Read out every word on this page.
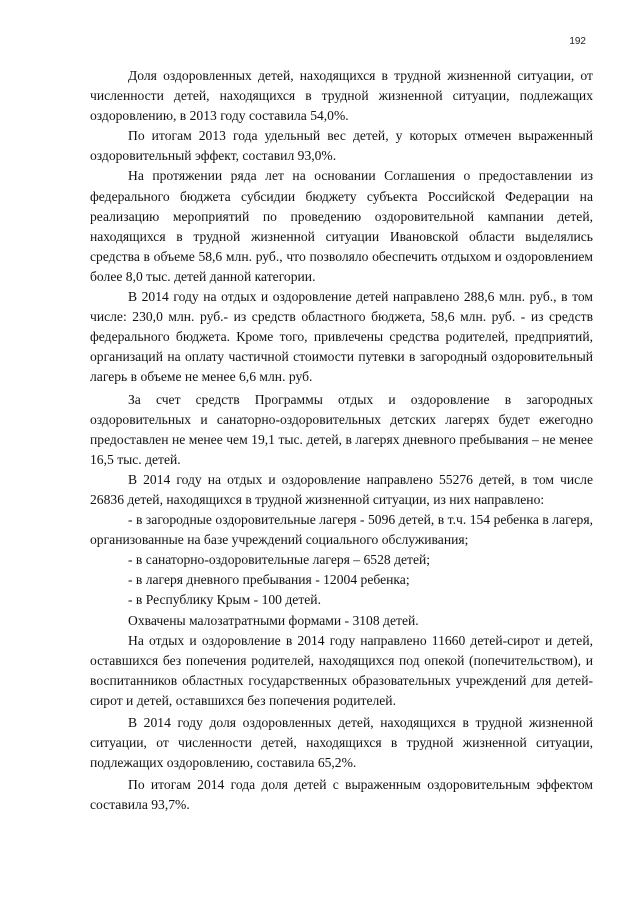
192

Доля оздоровленных детей, находящихся в трудной жизненной ситуации, от численности детей, находящихся в трудной жизненной ситуации, подлежащих оздоровлению, в 2013 году составила 54,0%.

По итогам 2013 года удельный вес детей, у которых отмечен выраженный оздоровительный эффект, составил 93,0%.

На протяжении ряда лет на основании Соглашения о предоставлении из федерального бюджета субсидии бюджету субъекта Российской Федерации на реализацию мероприятий по проведению оздоровительной кампании детей, находящихся в трудной жизненной ситуации Ивановской области выделялись средства в объеме 58,6 млн. руб., что позволяло обеспечить отдыхом и оздоровлением более 8,0 тыс. детей данной категории.

В 2014 году на отдых и оздоровление детей направлено 288,6 млн. руб., в том числе: 230,0 млн. руб.- из средств областного бюджета, 58,6 млн. руб. - из средств федерального бюджета. Кроме того, привлечены средства родителей, предприятий, организаций на оплату частичной стоимости путевки в загородный оздоровительный лагерь в объеме не менее 6,6 млн. руб.

За счет средств Программы отдых и оздоровление в загородных оздоровительных и санаторно-оздоровительных детских лагерях будет ежегодно предоставлен не менее чем 19,1 тыс. детей, в лагерях дневного пребывания – не менее 16,5 тыс. детей.

В 2014 году на отдых и оздоровление направлено 55276 детей, в том числе 26836 детей, находящихся в трудной жизненной ситуации, из них направлено:

- в загородные оздоровительные лагеря - 5096 детей, в т.ч. 154 ребенка в лагеря, организованные на базе учреждений социального обслуживания;

- в санаторно-оздоровительные лагеря – 6528 детей;

- в лагеря дневного пребывания - 12004 ребенка;

- в Республику Крым - 100 детей.

Охвачены малозатратными формами - 3108 детей.

На отдых и оздоровление в 2014 году направлено 11660 детей-сирот и детей, оставшихся без попечения родителей, находящихся под опекой (попечительством), и воспитанников областных государственных образовательных учреждений для детей-сирот и детей, оставшихся без попечения родителей.

В 2014 году доля оздоровленных детей, находящихся в трудной жизненной ситуации, от численности детей, находящихся в трудной жизненной ситуации, подлежащих оздоровлению, составила 65,2%.

По итогам 2014 года доля детей с выраженным оздоровительным эффектом составила 93,7%.
